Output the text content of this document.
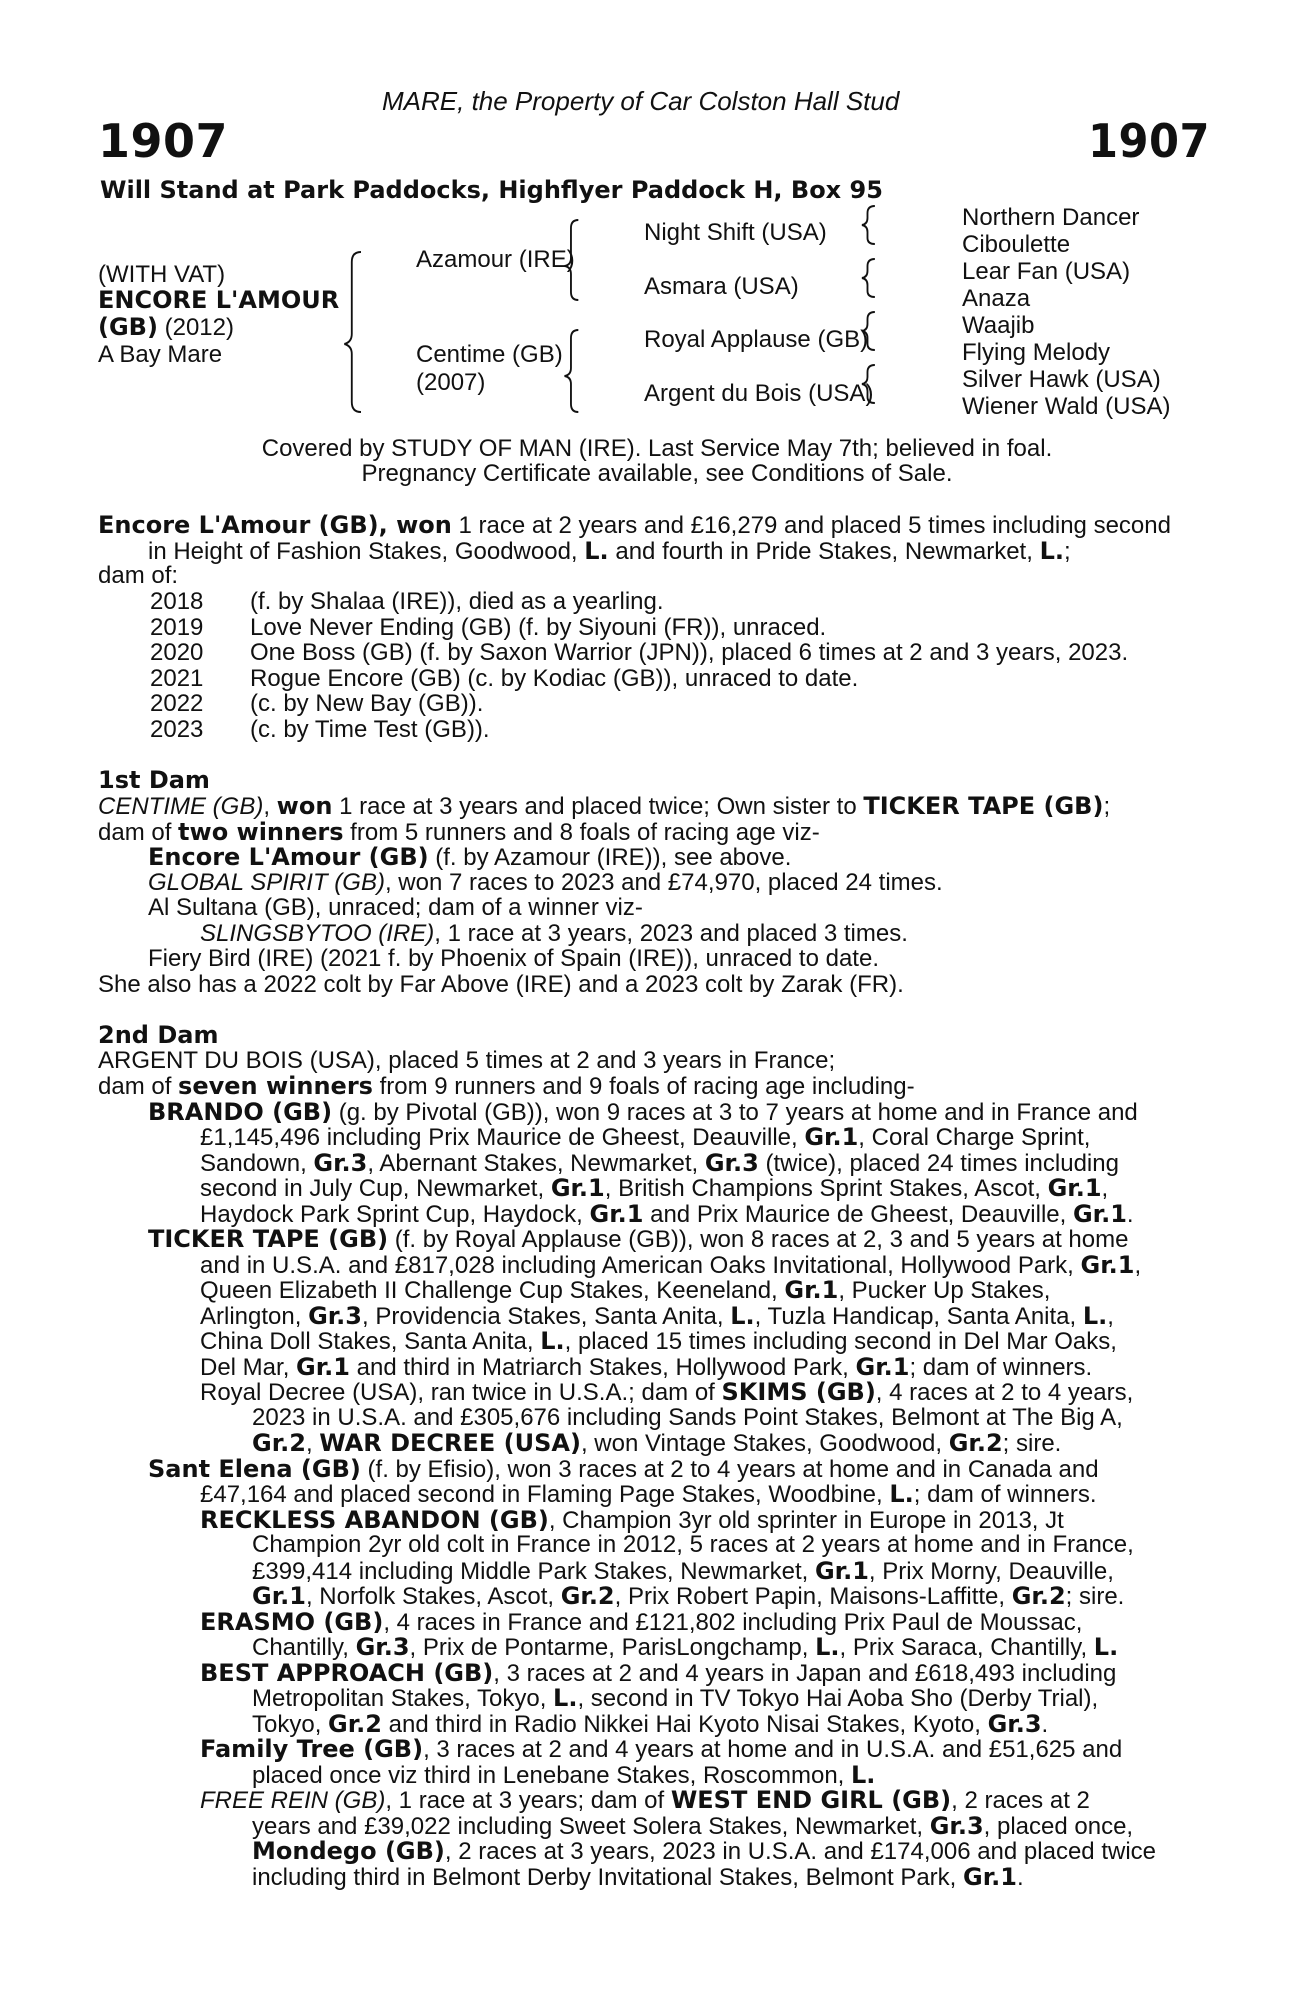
MARE, the Property of Car Colston Hall Stud
1907	1907
Will Stand at Park Paddocks, Highflyer Paddock H, Box 95
(WITH VAT)
ENCORE L'AMOUR
(GB) (2012)
A Bay Mare
Azamour (IRE)
Centime (GB)
(2007)
Night Shift (USA)
Asmara (USA)
Royal Applause (GB)
Argent du Bois (USA)
Northern Dancer
Ciboulette
Lear Fan (USA)
Anaza
Waajib
Flying Melody
Silver Hawk (USA)
Wiener Wald (USA)
Covered by STUDY OF MAN (IRE). Last Service May 7th; believed in foal.
Pregnancy Certificate available, see Conditions of Sale.
Encore L'Amour (GB), won 1 race at 2 years and £16,279 and placed 5 times including second
in Height of Fashion Stakes, Goodwood, L. and fourth in Pride Stakes, Newmarket, L.;
dam of:
2018 (f. by Shalaa (IRE)), died as a yearling.
2019 Love Never Ending (GB) (f. by Siyouni (FR)), unraced.
2020 One Boss (GB) (f. by Saxon Warrior (JPN)), placed 6 times at 2 and 3 years, 2023.
2021 Rogue Encore (GB) (c. by Kodiac (GB)), unraced to date.
2022 (c. by New Bay (GB)).
2023 (c. by Time Test (GB)).
1st Dam
CENTIME (GB), won 1 race at 3 years and placed twice; Own sister to TICKER TAPE (GB);
dam of two winners from 5 runners and 8 foals of racing age viz-
Encore L'Amour (GB) (f. by Azamour (IRE)), see above.
GLOBAL SPIRIT (GB), won 7 races to 2023 and £74,970, placed 24 times.
Al Sultana (GB), unraced; dam of a winner viz-
SLINGSBYTOO (IRE), 1 race at 3 years, 2023 and placed 3 times.
Fiery Bird (IRE) (2021 f. by Phoenix of Spain (IRE)), unraced to date.
She also has a 2022 colt by Far Above (IRE) and a 2023 colt by Zarak (FR).
2nd Dam
ARGENT DU BOIS (USA), placed 5 times at 2 and 3 years in France;
dam of seven winners from 9 runners and 9 foals of racing age including-
BRANDO (GB) (g. by Pivotal (GB)), won 9 races at 3 to 7 years at home and in France and
£1,145,496 including Prix Maurice de Gheest, Deauville, Gr.1, Coral Charge Sprint,
Sandown, Gr.3, Abernant Stakes, Newmarket, Gr.3 (twice), placed 24 times including
second in July Cup, Newmarket, Gr.1, British Champions Sprint Stakes, Ascot, Gr.1,
Haydock Park Sprint Cup, Haydock, Gr.1 and Prix Maurice de Gheest, Deauville, Gr.1.
TICKER TAPE (GB) (f. by Royal Applause (GB)), won 8 races at 2, 3 and 5 years at home
and in U.S.A. and £817,028 including American Oaks Invitational, Hollywood Park, Gr.1,
Queen Elizabeth II Challenge Cup Stakes, Keeneland, Gr.1, Pucker Up Stakes,
Arlington, Gr.3, Providencia Stakes, Santa Anita, L., Tuzla Handicap, Santa Anita, L.,
China Doll Stakes, Santa Anita, L., placed 15 times including second in Del Mar Oaks,
Del Mar, Gr.1 and third in Matriarch Stakes, Hollywood Park, Gr.1; dam of winners.
Royal Decree (USA), ran twice in U.S.A.; dam of SKIMS (GB), 4 races at 2 to 4 years,
2023 in U.S.A. and £305,676 including Sands Point Stakes, Belmont at The Big A,
Gr.2, WAR DECREE (USA), won Vintage Stakes, Goodwood, Gr.2; sire.
Sant Elena (GB) (f. by Efisio), won 3 races at 2 to 4 years at home and in Canada and
£47,164 and placed second in Flaming Page Stakes, Woodbine, L.; dam of winners.
RECKLESS ABANDON (GB), Champion 3yr old sprinter in Europe in 2013, Jt
Champion 2yr old colt in France in 2012, 5 races at 2 years at home and in France,
£399,414 including Middle Park Stakes, Newmarket, Gr.1, Prix Morny, Deauville,
Gr.1, Norfolk Stakes, Ascot, Gr.2, Prix Robert Papin, Maisons-Laffitte, Gr.2; sire.
ERASMO (GB), 4 races in France and £121,802 including Prix Paul de Moussac,
Chantilly, Gr.3, Prix de Pontarme, ParisLongchamp, L., Prix Saraca, Chantilly, L.
BEST APPROACH (GB), 3 races at 2 and 4 years in Japan and £618,493 including
Metropolitan Stakes, Tokyo, L., second in TV Tokyo Hai Aoba Sho (Derby Trial),
Tokyo, Gr.2 and third in Radio Nikkei Hai Kyoto Nisai Stakes, Kyoto, Gr.3.
Family Tree (GB), 3 races at 2 and 4 years at home and in U.S.A. and £51,625 and
placed once viz third in Lenebane Stakes, Roscommon, L.
FREE REIN (GB), 1 race at 3 years; dam of WEST END GIRL (GB), 2 races at 2
years and £39,022 including Sweet Solera Stakes, Newmarket, Gr.3, placed once,
Mondego (GB), 2 races at 3 years, 2023 in U.S.A. and £174,006 and placed twice
including third in Belmont Derby Invitational Stakes, Belmont Park, Gr.1.
